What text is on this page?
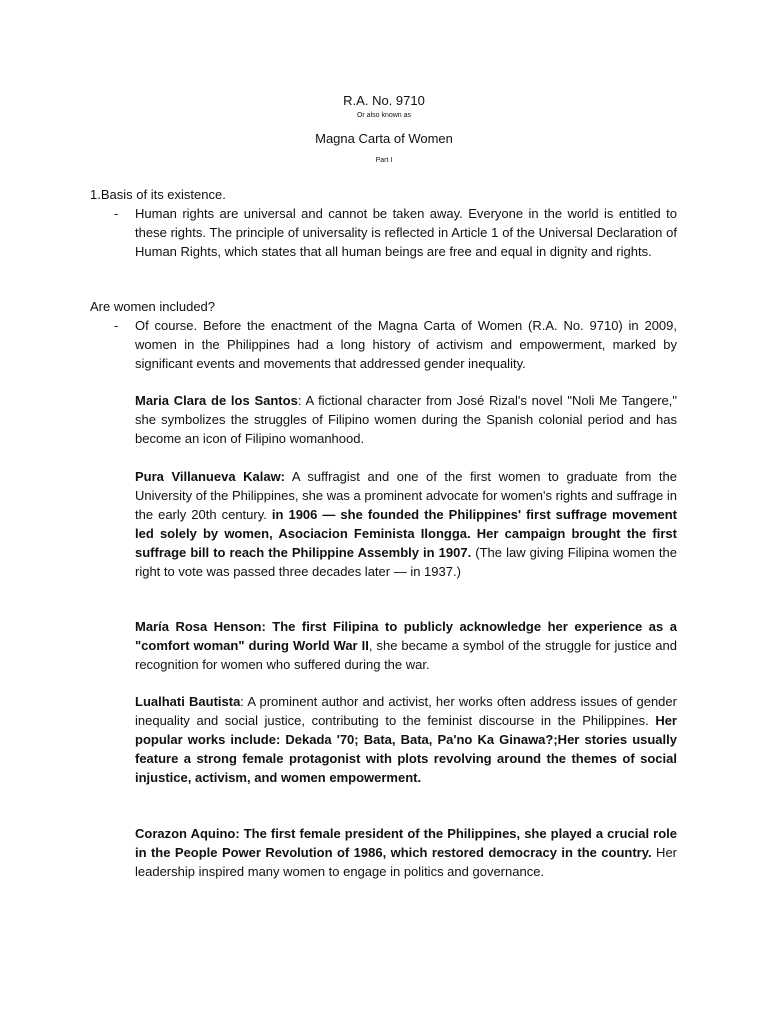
R.A. No. 9710
Or also known as
Magna Carta of Women
Part I
1.Basis of its existence.
- Human rights are universal and cannot be taken away. Everyone in the world is entitled to these rights. The principle of universality is reflected in Article 1 of the Universal Declaration of Human Rights, which states that all human beings are free and equal in dignity and rights.
Are women included?
- Of course. Before the enactment of the Magna Carta of Women (R.A. No. 9710) in 2009, women in the Philippines had a long history of activism and empowerment, marked by significant events and movements that addressed gender inequality.
Maria Clara de los Santos: A fictional character from José Rizal's novel "Noli Me Tangere," she symbolizes the struggles of Filipino women during the Spanish colonial period and has become an icon of Filipino womanhood.
Pura Villanueva Kalaw: A suffragist and one of the first women to graduate from the University of the Philippines, she was a prominent advocate for women's rights and suffrage in the early 20th century. in 1906 — she founded the Philippines' first suffrage movement led solely by women, Asociacion Feminista Ilongga. Her campaign brought the first suffrage bill to reach the Philippine Assembly in 1907. (The law giving Filipina women the right to vote was passed three decades later — in 1937.)
María Rosa Henson: The first Filipina to publicly acknowledge her experience as a "comfort woman" during World War II, she became a symbol of the struggle for justice and recognition for women who suffered during the war.
Lualhati Bautista: A prominent author and activist, her works often address issues of gender inequality and social justice, contributing to the feminist discourse in the Philippines. Her popular works include: Dekada '70; Bata, Bata, Pa'no Ka Ginawa?;Her stories usually feature a strong female protagonist with plots revolving around the themes of social injustice, activism, and women empowerment.
Corazon Aquino: The first female president of the Philippines, she played a crucial role in the People Power Revolution of 1986, which restored democracy in the country. Her leadership inspired many women to engage in politics and governance.
